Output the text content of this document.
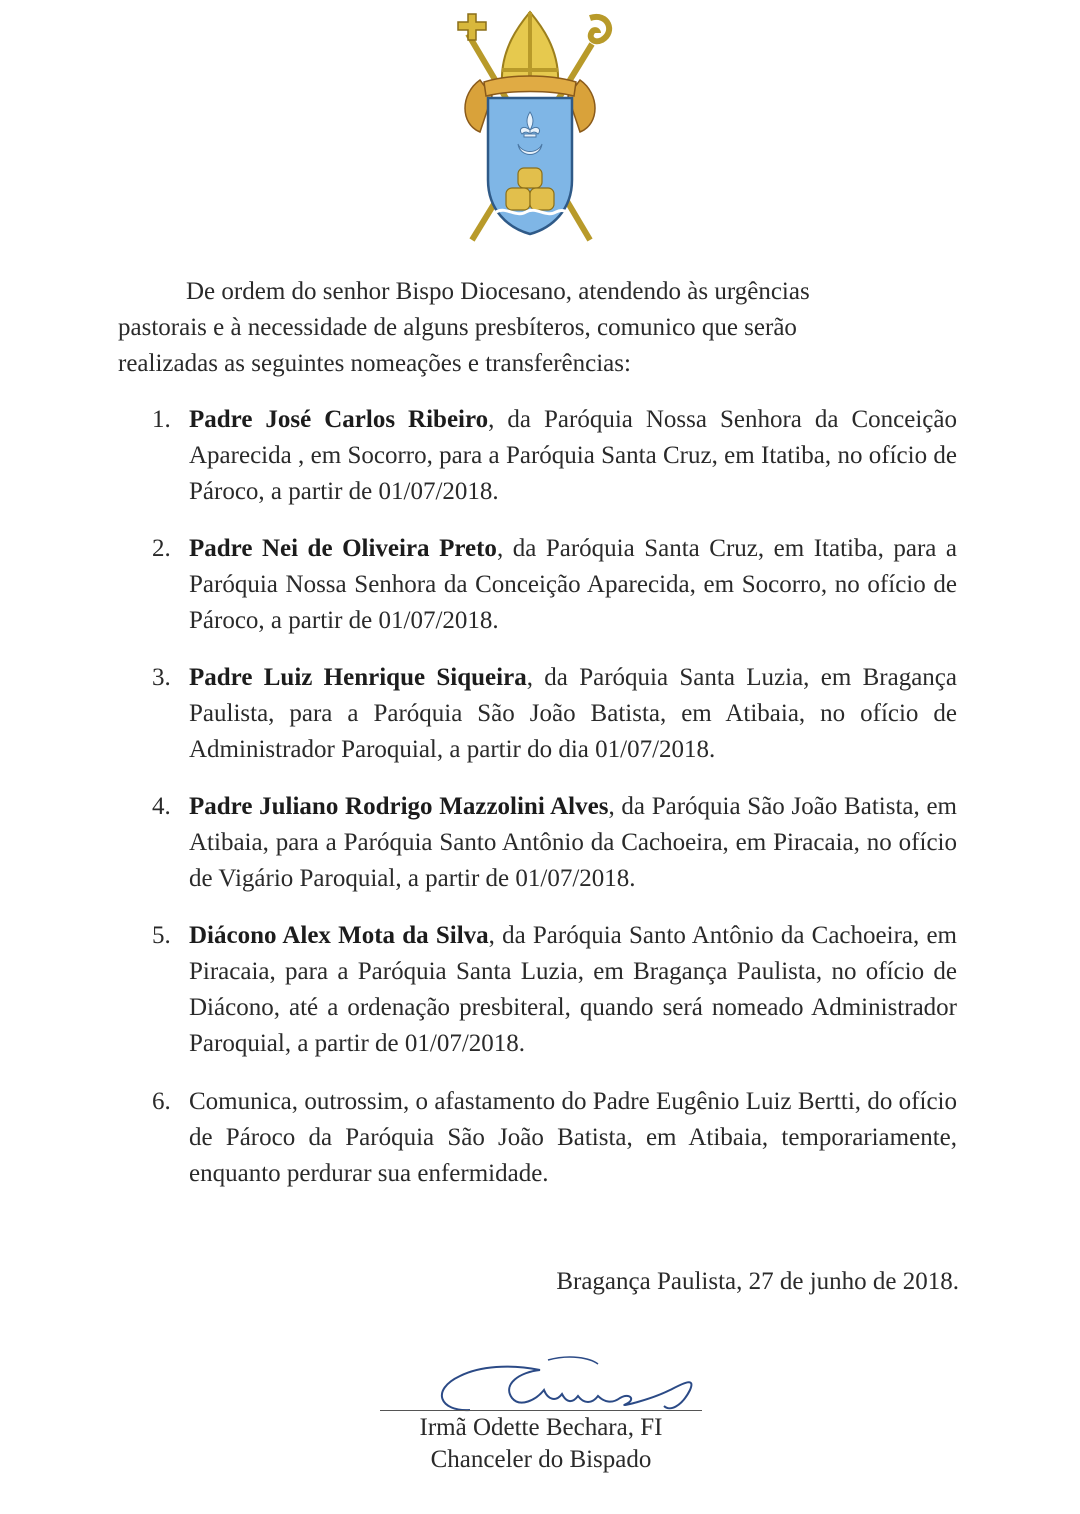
De ordem do senhor Bispo Diocesano, atendendo às urgências pastorais e à necessidade de alguns presbíteros, comunico que serão realizadas as seguintes nomeações e transferências:

1. Padre José Carlos Ribeiro, da Paróquia Nossa Senhora da Conceição Aparecida , em Socorro, para a Paróquia Santa Cruz, em Itatiba, no ofício de Pároco, a partir de 01/07/2018.

2. Padre Nei de Oliveira Preto, da Paróquia Santa Cruz, em Itatiba, para a Paróquia Nossa Senhora da Conceição Aparecida, em Socorro, no ofício de Pároco, a partir de 01/07/2018.

3. Padre Luiz Henrique Siqueira, da Paróquia Santa Luzia, em Bragança Paulista, para a Paróquia São João Batista, em Atibaia, no ofício de Administrador Paroquial, a partir do dia 01/07/2018.

4. Padre Juliano Rodrigo Mazzolini Alves, da Paróquia São João Batista, em Atibaia, para a Paróquia Santo Antônio da Cachoeira, em Piracaia, no ofício de Vigário Paroquial, a partir de 01/07/2018.

5. Diácono Alex Mota da Silva, da Paróquia Santo Antônio da Cachoeira, em Piracaia, para a Paróquia Santa Luzia, em Bragança Paulista, no ofício de Diácono, até a ordenação presbiteral, quando será nomeado Administrador Paroquial, a partir de 01/07/2018.

6. Comunica, outrossim, o afastamento do Padre Eugênio Luiz Bertti, do ofício de Pároco da Paróquia São João Batista, em Atibaia, temporariamente, enquanto perdurar sua enfermidade.

Bragança Paulista, 27 de junho de 2018.
Irmã Odette Bechara, FI
Chanceler do Bispado
